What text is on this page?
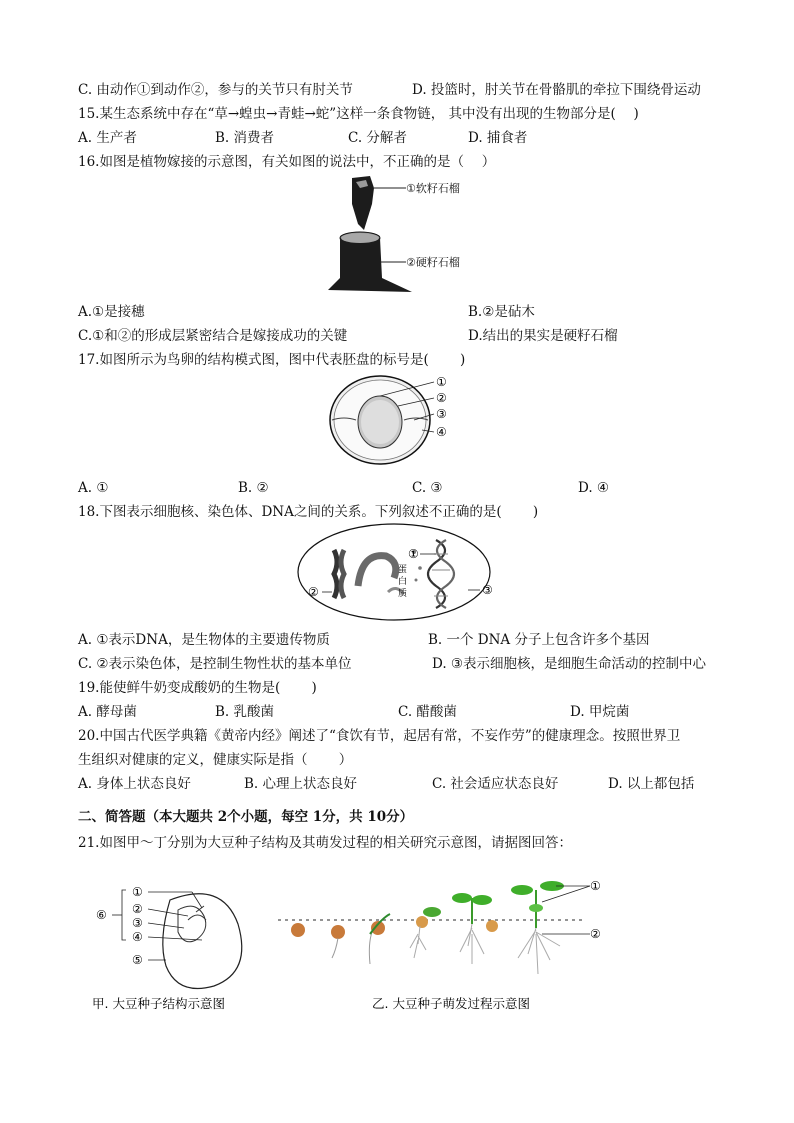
C. 由动作①到动作②，参与的关节只有肘关节	D. 投篮时，肘关节在骨骼肌的牵拉下围绕骨运动
15.某生态系统中存在“草→蝗虫→青蛙→蛇”这样一条食物链， 其中没有出现的生物部分是(　 )
A. 生产者	B. 消费者	C. 分解者	D. 捕食者
16.如图是植物嫁接的示意图，有关如图的说法中，不正确的是（　 ）
①软籽石榴
②硬籽石榴
A.①是接穗	B.②是砧木
C.①和②的形成层紧密结合是嫁接成功的关键	D.结出的果实是硬籽石榴
17.如图所示为鸟卵的结构模式图，图中代表胚盘的标号是(　 　)
①
②
③
④
A. ①	B. ②	C. ③	D. ④
18.下图表示细胞核、染色体、DNA之间的关系。下列叙述不正确的是(　 　)
蛋
白
质
①
②	③
A. ①表示DNA，是生物体的主要遗传物质	B. 一个 DNA 分子上包含许多个基因
C. ②表示染色体，是控制生物性状的基本单位	D. ③表示细胞核，是细胞生命活动的控制中心
19.能使鲜牛奶变成酸奶的生物是(　 　)
A. 酵母菌	B. 乳酸菌	C. 醋酸菌	D. 甲烷菌
20.中国古代医学典籍《黄帝内经》阐述了“食饮有节，起居有常，不妄作劳”的健康理念。按照世界卫
生组织对健康的定义，健康实际是指（　 　）
A. 身体上状态良好	B. 心理上状态良好	C. 社会适应状态良好	D. 以上都包括
二、简答题（本大题共 2个小题，每空 1分，共 10分）
21.如图甲～丁分别为大豆种子结构及其萌发过程的相关研究示意图，请据图回答：
①
②
③
④
⑤
⑥
甲. 大豆种子结构示意图
①
②
乙. 大豆种子萌发过程示意图
